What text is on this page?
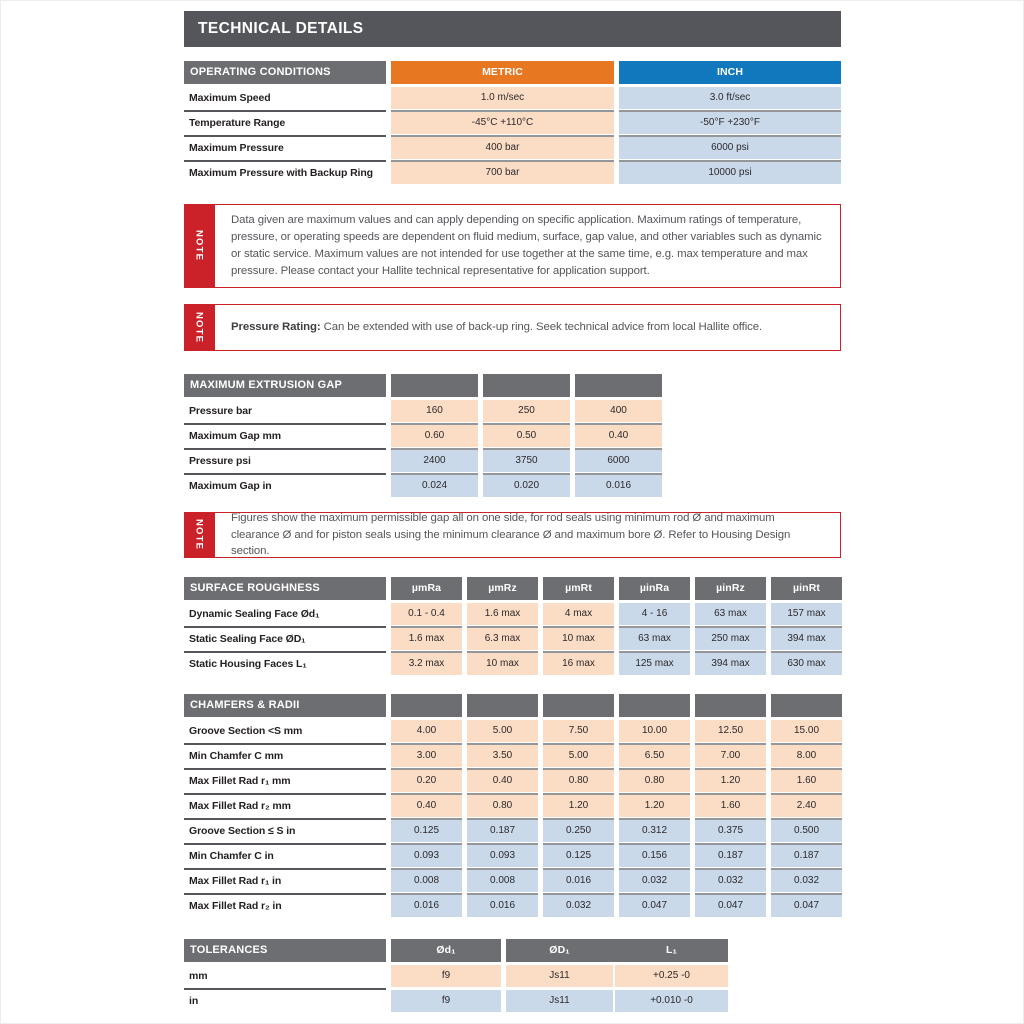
TECHNICAL DETAILS
OPERATING CONDITIONS	METRIC	INCH
Maximum Speed	1.0 m/sec	3.0 ft/sec
Temperature Range	-45°C +110°C	-50°F +230°F
Maximum Pressure	400 bar	6000 psi
Maximum Pressure with Backup Ring	700 bar	10000 psi
NOTE
Data given are maximum values and can apply depending on specific application. Maximum ratings of temperature, pressure, or operating speeds are dependent on fluid medium, surface, gap value, and other variables such as dynamic or static service. Maximum values are not intended for use together at the same time, e.g. max temperature and max pressure. Please contact your Hallite technical representative for application support.
NOTE Pressure Rating: Can be extended with use of back-up ring. Seek technical advice from local Hallite office.
MAXIMUM EXTRUSION GAP
Pressure bar	160	250	400
Maximum Gap mm	0.60	0.50	0.40
Pressure psi	2400	3750	6000
Maximum Gap in	0.024	0.020	0.016
NOTE
Figures show the maximum permissible gap all on one side, for rod seals using minimum rod Ø and maximum clearance Ø and for piston seals using the minimum clearance Ø and maximum bore Ø. Refer to Housing Design section.
SURFACE ROUGHNESS	µmRa	µmRz	µmRt	µinRa	µinRz	µinRt
Dynamic Sealing Face Ød₁	0.1 - 0.4	1.6 max	4 max	4 - 16	63 max	157 max
Static Sealing Face ØD₁	1.6 max	6.3 max	10 max	63 max	250 max	394 max
Static Housing Faces L₁	3.2 max	10 max	16 max	125 max	394 max	630 max
CHAMFERS & RADII
Groove Section <S mm	4.00	5.00	7.50	10.00	12.50	15.00
Min Chamfer C mm	3.00	3.50	5.00	6.50	7.00	8.00
Max Fillet Rad r₁ mm	0.20	0.40	0.80	0.80	1.20	1.60
Max Fillet Rad r₂ mm	0.40	0.80	1.20	1.20	1.60	2.40
Groove Section ≤ S in	0.125	0.187	0.250	0.312	0.375	0.500
Min Chamfer C in	0.093	0.093	0.125	0.156	0.187	0.187
Max Fillet Rad r₁ in	0.008	0.008	0.016	0.032	0.032	0.032
Max Fillet Rad r₂ in	0.016	0.016	0.032	0.047	0.047	0.047
TOLERANCES	Ød₁	ØD₁	L₁
mm	f9	Js11	+0.25 -0
in	f9	Js11	+0.010 -0
